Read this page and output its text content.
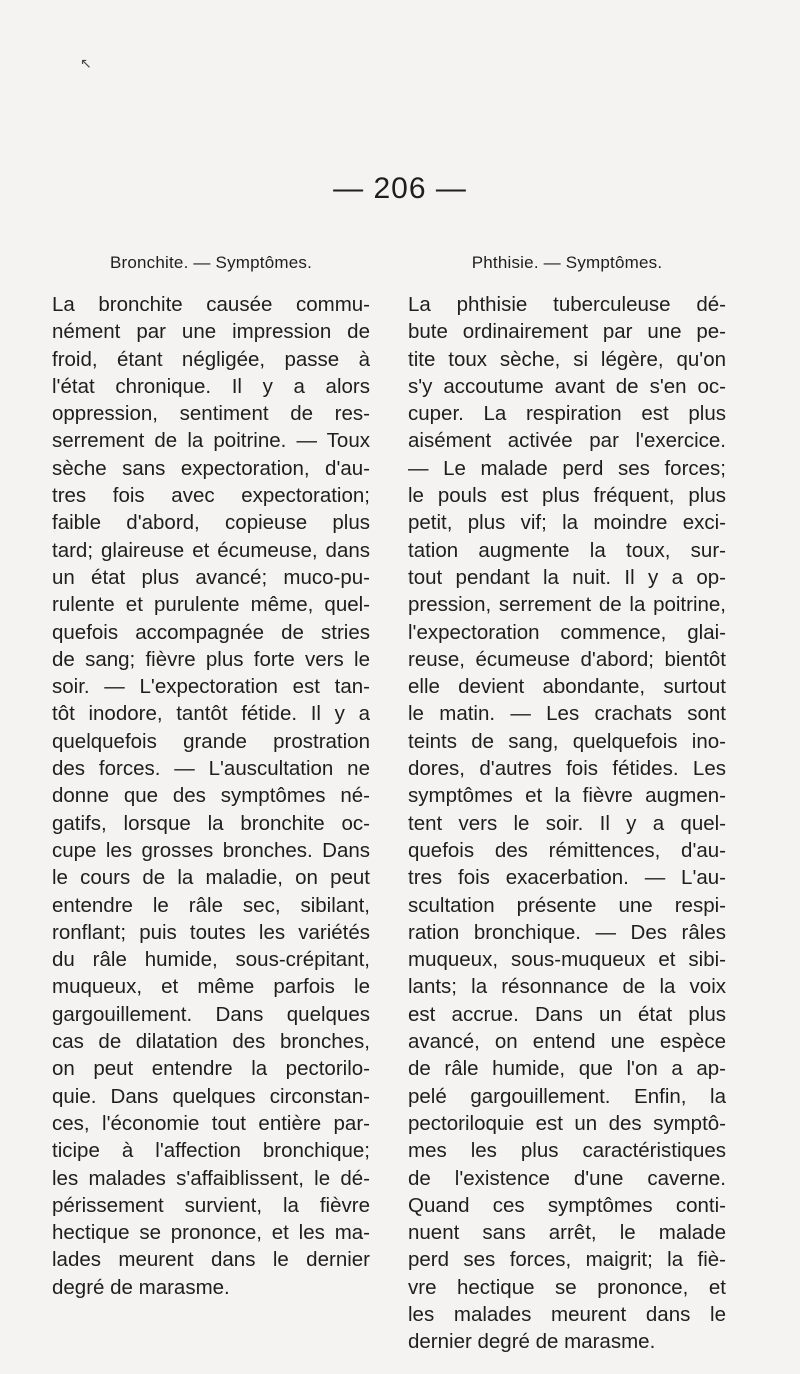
↖
— 206 —
Bronchite. — Symptômes.
La bronchite causée commu-
nément par une impression de
froid, étant négligée, passe à
l'état chronique. Il y a alors
oppression, sentiment de res-
serrement de la poitrine. — Toux
sèche sans expectoration, d'au-
tres fois avec expectoration;
faible d'abord, copieuse plus
tard; glaireuse et écumeuse, dans
un état plus avancé; muco-pu-
rulente et purulente même, quel-
quefois accompagnée de stries
de sang; fièvre plus forte vers le
soir. — L'expectoration est tan-
tôt inodore, tantôt fétide. Il y a
quelquefois grande prostration
des forces. — L'auscultation ne
donne que des symptômes né-
gatifs, lorsque la bronchite oc-
cupe les grosses bronches. Dans
le cours de la maladie, on peut
entendre le râle sec, sibilant,
ronflant; puis toutes les variétés
du râle humide, sous-crépitant,
muqueux, et même parfois le
gargouillement. Dans quelques
cas de dilatation des bronches,
on peut entendre la pectorilo-
quie. Dans quelques circonstan-
ces, l'économie tout entière par-
ticipe à l'affection bronchique;
les malades s'affaiblissent, le dé-
périssement survient, la fièvre
hectique se prononce, et les ma-
lades meurent dans le dernier
degré de marasme.
Phthisie. — Symptômes.
La phthisie tuberculeuse dé-
bute ordinairement par une pe-
tite toux sèche, si légère, qu'on
s'y accoutume avant de s'en oc-
cuper. La respiration est plus
aisément activée par l'exercice.
— Le malade perd ses forces;
le pouls est plus fréquent, plus
petit, plus vif; la moindre exci-
tation augmente la toux, sur-
tout pendant la nuit. Il y a op-
pression, serrement de la poitrine,
l'expectoration commence, glai-
reuse, écumeuse d'abord; bientôt
elle devient abondante, surtout
le matin. — Les crachats sont
teints de sang, quelquefois ino-
dores, d'autres fois fétides. Les
symptômes et la fièvre augmen-
tent vers le soir. Il y a quel-
quefois des rémittences, d'au-
tres fois exacerbation. — L'au-
scultation présente une respi-
ration bronchique. — Des râles
muqueux, sous-muqueux et sibi-
lants; la résonnance de la voix
est accrue. Dans un état plus
avancé, on entend une espèce
de râle humide, que l'on a ap-
pelé gargouillement. Enfin, la
pectoriloquie est un des symptô-
mes les plus caractéristiques
de l'existence d'une caverne.
Quand ces symptômes conti-
nuent sans arrêt, le malade
perd ses forces, maigrit; la fiè-
vre hectique se prononce, et
les malades meurent dans le
dernier degré de marasme.
